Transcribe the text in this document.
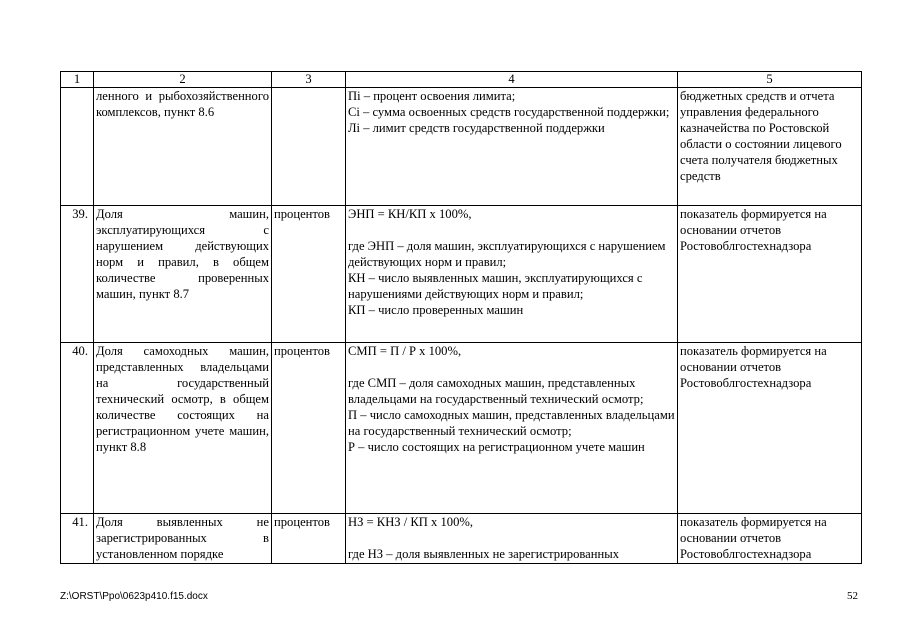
1	2	3	4	5

	ленного и рыбохозяйственного комплексов, пункт 8.6		Пі – процент освоения лимита;
Сі – сумма освоенных средств государственной поддержки;
Лі – лимит средств государственной поддержки	бюджетных средств и отчета управления федерального казначейства по Ростовской области о состоянии лицевого счета получателя бюджетных средств

39.	Доля машин, эксплуатирующихся с нарушением действующих норм и правил, в общем количестве проверенных машин, пункт 8.7	процентов	ЭНП = КН/КП х 100%,
где ЭНП – доля машин, эксплуатирующихся с нарушением действующих норм и правил;
КН – число выявленных машин, эксплуатирующихся с нарушениями действующих норм и правил;
КП – число проверенных машин	показатель формируется на основании отчетов Ростовоблгостехнадзора

40.	Доля самоходных машин, представленных владельцами на государственный технический осмотр, в общем количестве состоящих на регистрационном учете машин, пункт 8.8	процентов	СМП = П / Р х 100%,
где СМП – доля самоходных машин, представленных владельцами на государственный технический осмотр;
П – число самоходных машин, представленных владельцами на государственный технический осмотр;
Р – число состоящих на регистрационном учете машин	показатель формируется на основании отчетов Ростовоблгостехнадзора

41.	Доля выявленных не зарегистрированных в установленном порядке	процентов	НЗ = КНЗ / КП х 100%,
где НЗ – доля выявленных не зарегистрированных	показатель формируется на основании отчетов Ростовоблгостехнадзора
Z:\ORST\Ppo\0623p410.f15.docx	52
